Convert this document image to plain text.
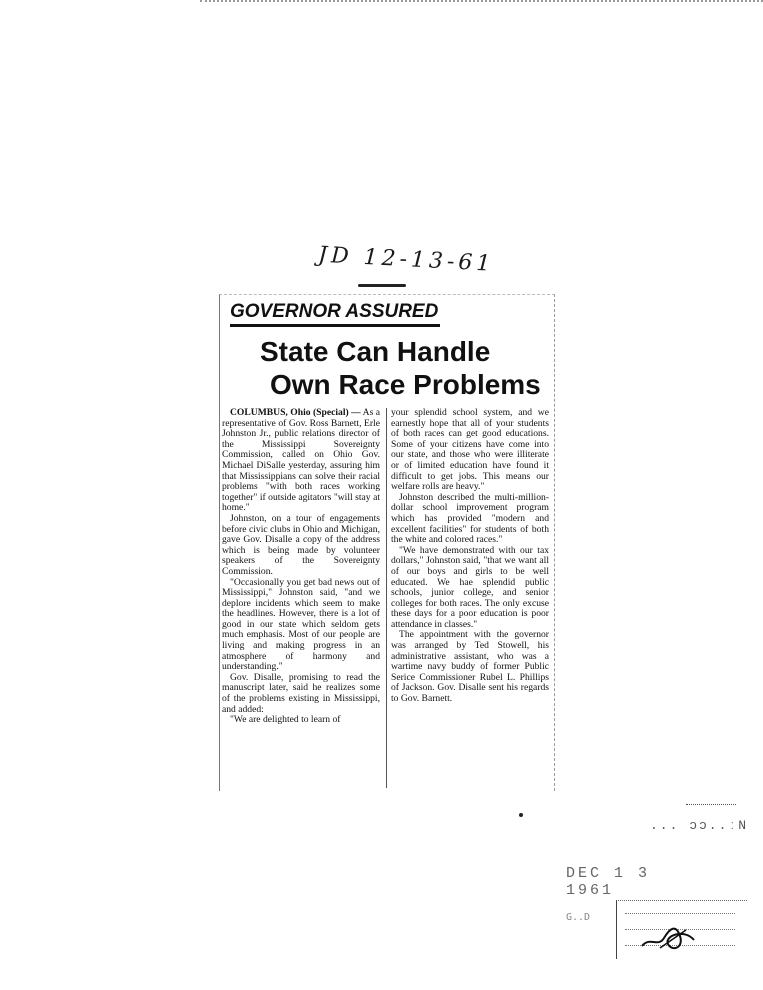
JD 12-13-61
GOVERNOR ASSURED
State Can Handle
Own Race Problems

COLUMBUS, Ohio (Special) — As a representative of Gov. Ross Barnett, Erle Johnston Jr., public relations director of the Mississippi Sovereignty Commission, called on Ohio Gov. Michael DiSalle yesterday, assuring him that Mississippians can solve their racial problems "with both races working together" if outside agitators "will stay at home."

Johnston, on a tour of engagements before civic clubs in Ohio and Michigan, gave Gov. Disalle a copy of the address which is being made by volunteer speakers of the Sovereignty Commission.

"Occasionally you get bad news out of Mississippi," Johnston said, "and we deplore incidents which seem to make the headlines. However, there is a lot of good in our state which seldom gets much emphasis. Most of our people are living and making progress in an atmosphere of harmony and understanding."

Gov. Disalle, promising to read the manuscript later, said he realizes some of the problems existing in Mississippi, and added:

"We are delighted to learn of

your splendid school system, and we earnestly hope that all of your students of both races can get good educations. Some of your citizens have come into our state, and those who were illiterate or of limited education have found it difficult to get jobs. This means our welfare rolls are heavy."

Johnston described the multi-million-dollar school improvement program which has provided "modern and excellent facilities" for students of both the white and colored races."

"We have demonstrated with our tax dollars," Johnston said, "that we want all of our boys and girls to be well educated. We hae splendid public schools, junior college, and senior colleges for both races. The only excuse these days for a poor education is poor attendance in classes."

The appointment with the governor was arranged by Ted Stowell, his administrative assistant, who was a wartime navy buddy of former Public Serice Commissioner Rubel L. Phillips of Jackson. Gov. Disalle sent his regards to Gov. Barnett.

... ɔɔ..ːN
DEC 1 3 1961
G..D
